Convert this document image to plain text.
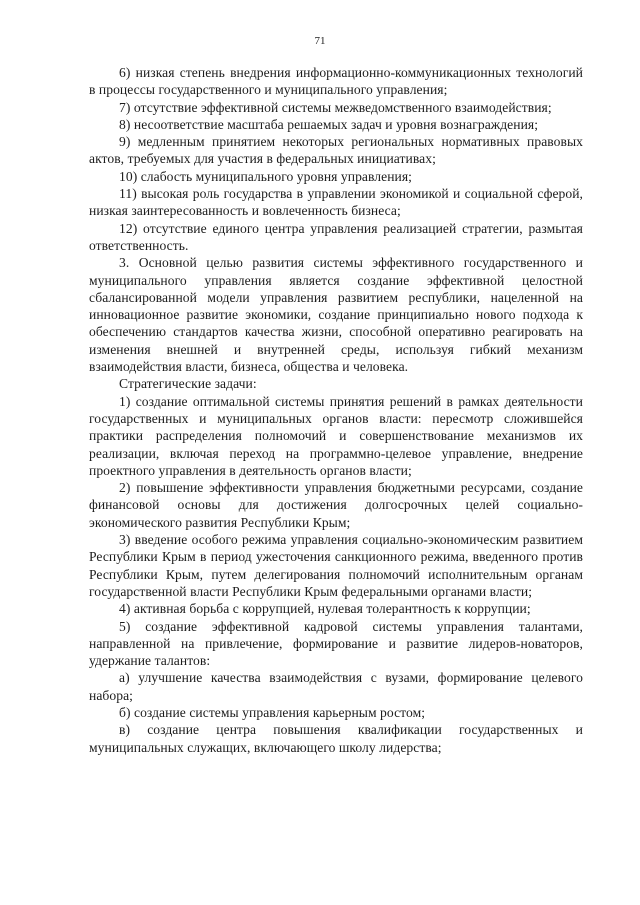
71

6) низкая степень внедрения информационно-коммуникационных технологий в процессы государственного и муниципального управления;

7) отсутствие эффективной системы межведомственного взаимодействия;

8) несоответствие масштаба решаемых задач и уровня вознаграждения;

9) медленным принятием некоторых региональных нормативных правовых актов, требуемых для участия в федеральных инициативах;

10) слабость муниципального уровня управления;

11) высокая роль государства в управлении экономикой и социальной сферой, низкая заинтересованность и вовлеченность бизнеса;

12) отсутствие единого центра управления реализацией стратегии, размытая ответственность.

3. Основной целью развития системы эффективного государственного и муниципального управления является создание эффективной целостной сбалансированной модели управления развитием республики, нацеленной на инновационное развитие экономики, создание принципиально нового подхода к обеспечению стандартов качества жизни, способной оперативно реагировать на изменения внешней и внутренней среды, используя гибкий механизм взаимодействия власти, бизнеса, общества и человека.

Стратегические задачи:

1) создание оптимальной системы принятия решений в рамках деятельности государственных и муниципальных органов власти: пересмотр сложившейся практики распределения полномочий и совершенствование механизмов их реализации, включая переход на программно-целевое управление, внедрение проектного управления в деятельность органов власти;

2) повышение эффективности управления бюджетными ресурсами, создание финансовой основы для достижения долгосрочных целей социально-экономического развития Республики Крым;

3) введение особого режима управления социально-экономическим развитием Республики Крым в период ужесточения санкционного режима, введенного против Республики Крым, путем делегирования полномочий исполнительным органам государственной власти Республики Крым федеральными органами власти;

4) активная борьба с коррупцией, нулевая толерантность к коррупции;

5) создание эффективной кадровой системы управления талантами, направленной на привлечение, формирование и развитие лидеров-новаторов, удержание талантов:

а) улучшение качества взаимодействия с вузами, формирование целевого набора;

б) создание системы управления карьерным ростом;

в) создание центра повышения квалификации государственных и муниципальных служащих, включающего школу лидерства;
